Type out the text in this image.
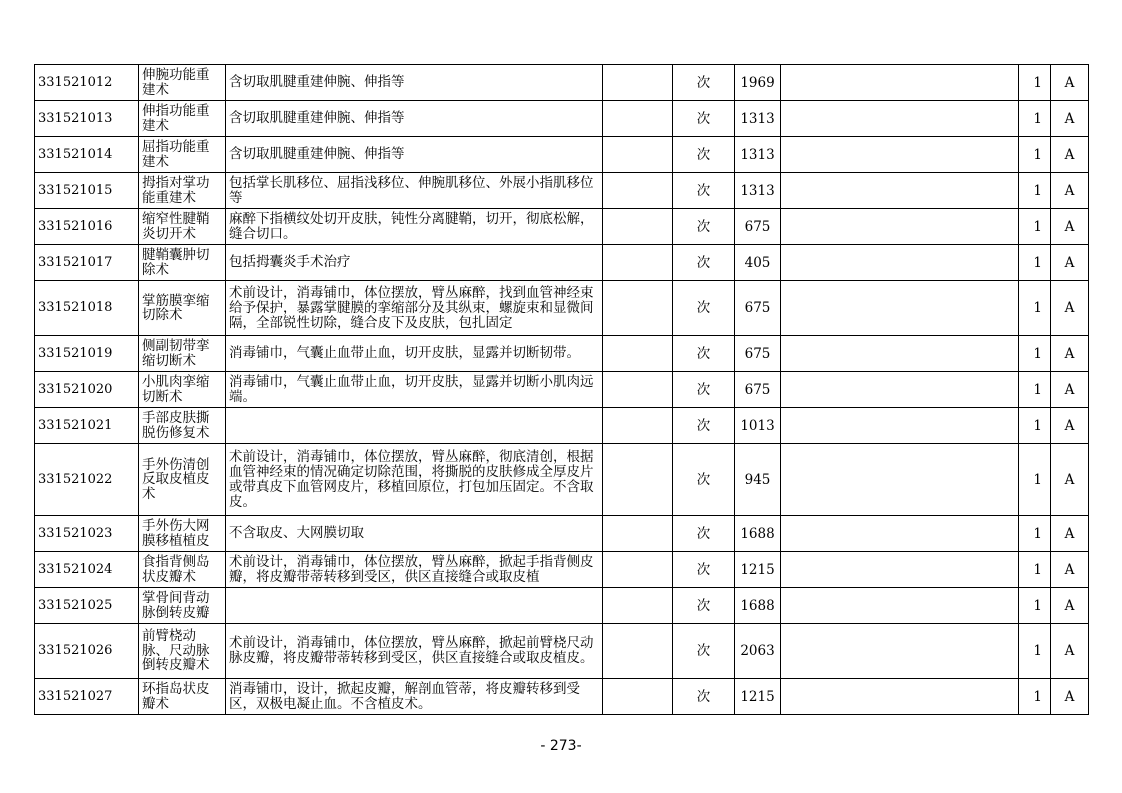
331521012	伸腕功能重建术	含切取肌腱重建伸腕、伸指等		次	1969		1	A
331521013	伸指功能重建术	含切取肌腱重建伸腕、伸指等		次	1313		1	A
331521014	屈指功能重建术	含切取肌腱重建伸腕、伸指等		次	1313		1	A
331521015	拇指对掌功能重建术	包括掌长肌移位、屈指浅移位、伸腕肌移位、外展小指肌移位等		次	1313		1	A
331521016	缩窄性腱鞘炎切开术	麻醉下指横纹处切开皮肤，钝性分离腱鞘，切开，彻底松解，缝合切口。		次	675		1	A
331521017	腱鞘囊肿切除术	包括拇囊炎手术治疗		次	405		1	A
331521018	掌筋膜挛缩切除术	术前设计，消毒铺巾，体位摆放，臂丛麻醉，找到血管神经束给予保护，暴露掌腱膜的挛缩部分及其纵束，螺旋束和显微间隔，全部锐性切除，缝合皮下及皮肤，包扎固定		次	675		1	A
331521019	侧副韧带挛缩切断术	消毒铺巾，气囊止血带止血，切开皮肤，显露并切断韧带。		次	675		1	A
331521020	小肌肉挛缩切断术	消毒铺巾，气囊止血带止血，切开皮肤，显露并切断小肌肉远端。		次	675		1	A
331521021	手部皮肤撕脱伤修复术			次	1013		1	A
331521022	手外伤清创反取皮植皮术	术前设计，消毒铺巾，体位摆放，臂丛麻醉，彻底清创，根据血管神经束的情况确定切除范围，将撕脱的皮肤修成全厚皮片或带真皮下血管网皮片，移植回原位，打包加压固定。不含取皮。		次	945		1	A
331521023	手外伤大网膜移植植皮	不含取皮、大网膜切取		次	1688		1	A
331521024	食指背侧岛状皮瓣术	术前设计，消毒铺巾，体位摆放，臂丛麻醉，掀起手指背侧皮瓣，将皮瓣带蒂转移到受区，供区直接缝合或取皮植		次	1215		1	A
331521025	掌骨间背动脉倒转皮瓣			次	1688		1	A
331521026	前臂桡动脉、尺动脉倒转皮瓣术	术前设计，消毒铺巾，体位摆放，臂丛麻醉，掀起前臂桡尺动脉皮瓣，将皮瓣带蒂转移到受区，供区直接缝合或取皮植皮。		次	2063		1	A
331521027	环指岛状皮瓣术	消毒铺巾，设计，掀起皮瓣，解剖血管蒂，将皮瓣转移到受区，双极电凝止血。不含植皮术。		次	1215		1	A
- 273-
